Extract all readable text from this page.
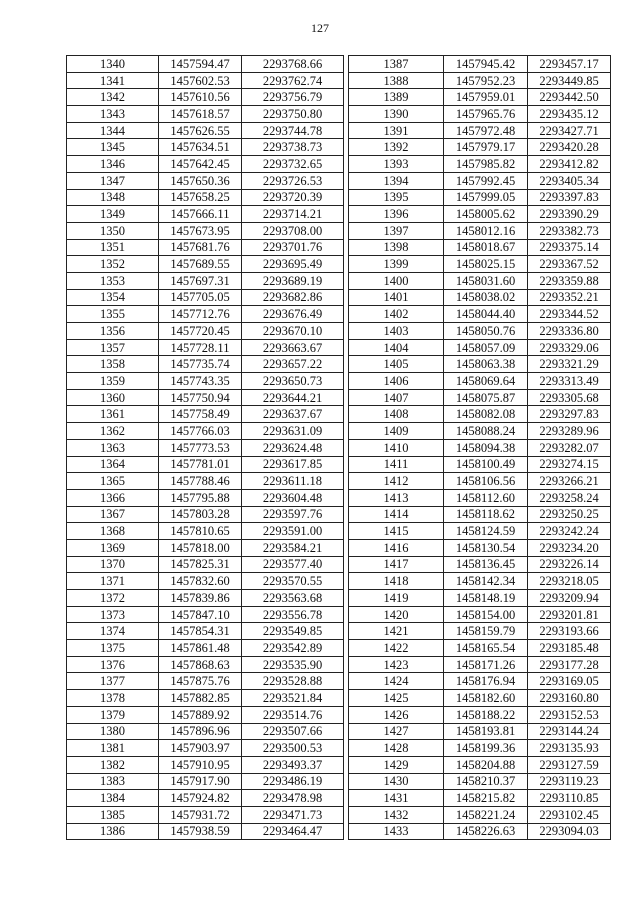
127
1340	1457594.47	2293768.66
1341	1457602.53	2293762.74
1342	1457610.56	2293756.79
1343	1457618.57	2293750.80
1344	1457626.55	2293744.78
1345	1457634.51	2293738.73
1346	1457642.45	2293732.65
1347	1457650.36	2293726.53
1348	1457658.25	2293720.39
1349	1457666.11	2293714.21
1350	1457673.95	2293708.00
1351	1457681.76	2293701.76
1352	1457689.55	2293695.49
1353	1457697.31	2293689.19
1354	1457705.05	2293682.86
1355	1457712.76	2293676.49
1356	1457720.45	2293670.10
1357	1457728.11	2293663.67
1358	1457735.74	2293657.22
1359	1457743.35	2293650.73
1360	1457750.94	2293644.21
1361	1457758.49	2293637.67
1362	1457766.03	2293631.09
1363	1457773.53	2293624.48
1364	1457781.01	2293617.85
1365	1457788.46	2293611.18
1366	1457795.88	2293604.48
1367	1457803.28	2293597.76
1368	1457810.65	2293591.00
1369	1457818.00	2293584.21
1370	1457825.31	2293577.40
1371	1457832.60	2293570.55
1372	1457839.86	2293563.68
1373	1457847.10	2293556.78
1374	1457854.31	2293549.85
1375	1457861.48	2293542.89
1376	1457868.63	2293535.90
1377	1457875.76	2293528.88
1378	1457882.85	2293521.84
1379	1457889.92	2293514.76
1380	1457896.96	2293507.66
1381	1457903.97	2293500.53
1382	1457910.95	2293493.37
1383	1457917.90	2293486.19
1384	1457924.82	2293478.98
1385	1457931.72	2293471.73
1386	1457938.59	2293464.47
1387	1457945.42	2293457.17
1388	1457952.23	2293449.85
1389	1457959.01	2293442.50
1390	1457965.76	2293435.12
1391	1457972.48	2293427.71
1392	1457979.17	2293420.28
1393	1457985.82	2293412.82
1394	1457992.45	2293405.34
1395	1457999.05	2293397.83
1396	1458005.62	2293390.29
1397	1458012.16	2293382.73
1398	1458018.67	2293375.14
1399	1458025.15	2293367.52
1400	1458031.60	2293359.88
1401	1458038.02	2293352.21
1402	1458044.40	2293344.52
1403	1458050.76	2293336.80
1404	1458057.09	2293329.06
1405	1458063.38	2293321.29
1406	1458069.64	2293313.49
1407	1458075.87	2293305.68
1408	1458082.08	2293297.83
1409	1458088.24	2293289.96
1410	1458094.38	2293282.07
1411	1458100.49	2293274.15
1412	1458106.56	2293266.21
1413	1458112.60	2293258.24
1414	1458118.62	2293250.25
1415	1458124.59	2293242.24
1416	1458130.54	2293234.20
1417	1458136.45	2293226.14
1418	1458142.34	2293218.05
1419	1458148.19	2293209.94
1420	1458154.00	2293201.81
1421	1458159.79	2293193.66
1422	1458165.54	2293185.48
1423	1458171.26	2293177.28
1424	1458176.94	2293169.05
1425	1458182.60	2293160.80
1426	1458188.22	2293152.53
1427	1458193.81	2293144.24
1428	1458199.36	2293135.93
1429	1458204.88	2293127.59
1430	1458210.37	2293119.23
1431	1458215.82	2293110.85
1432	1458221.24	2293102.45
1433	1458226.63	2293094.03
